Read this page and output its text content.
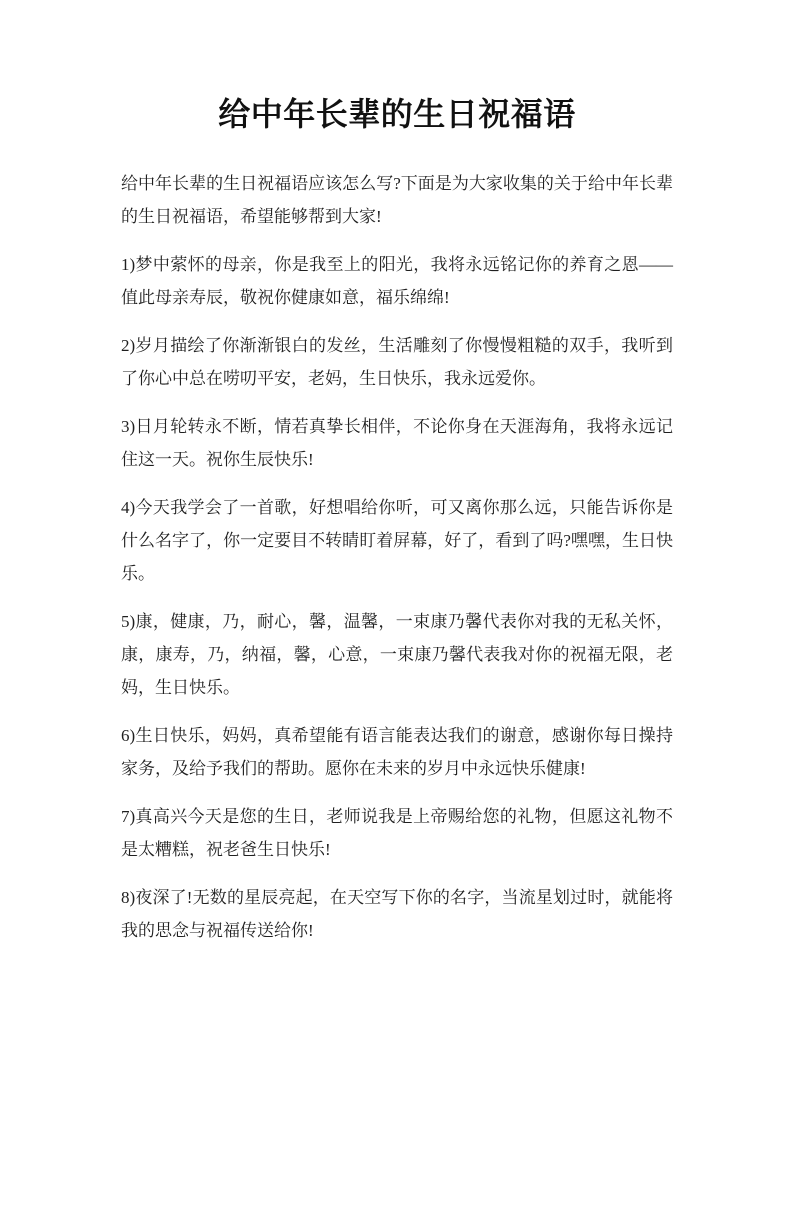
给中年长辈的生日祝福语

给中年长辈的生日祝福语应该怎么写?下面是为大家收集的关于给中年长辈的生日祝福语，希望能够帮到大家!

1)梦中萦怀的母亲，你是我至上的阳光，我将永远铭记你的养育之恩——值此母亲寿辰，敬祝你健康如意，福乐绵绵!

2)岁月描绘了你渐渐银白的发丝，生活雕刻了你慢慢粗糙的双手，我听到了你心中总在唠叨平安，老妈，生日快乐，我永远爱你。

3)日月轮转永不断，情若真挚长相伴，不论你身在天涯海角，我将永远记住这一天。祝你生辰快乐!

4)今天我学会了一首歌，好想唱给你听，可又离你那么远，只能告诉你是什么名字了，你一定要目不转睛盯着屏幕，好了，看到了吗?嘿嘿，生日快乐。

5)康，健康，乃，耐心，馨，温馨，一束康乃馨代表你对我的无私关怀，康，康寿，乃，纳福，馨，心意，一束康乃馨代表我对你的祝福无限，老妈，生日快乐。

6)生日快乐，妈妈，真希望能有语言能表达我们的谢意，感谢你每日操持家务，及给予我们的帮助。愿你在未来的岁月中永远快乐健康!

7)真高兴今天是您的生日，老师说我是上帝赐给您的礼物，但愿这礼物不是太糟糕，祝老爸生日快乐!

8)夜深了!无数的星辰亮起，在天空写下你的名字，当流星划过时，就能将我的思念与祝福传送给你!
